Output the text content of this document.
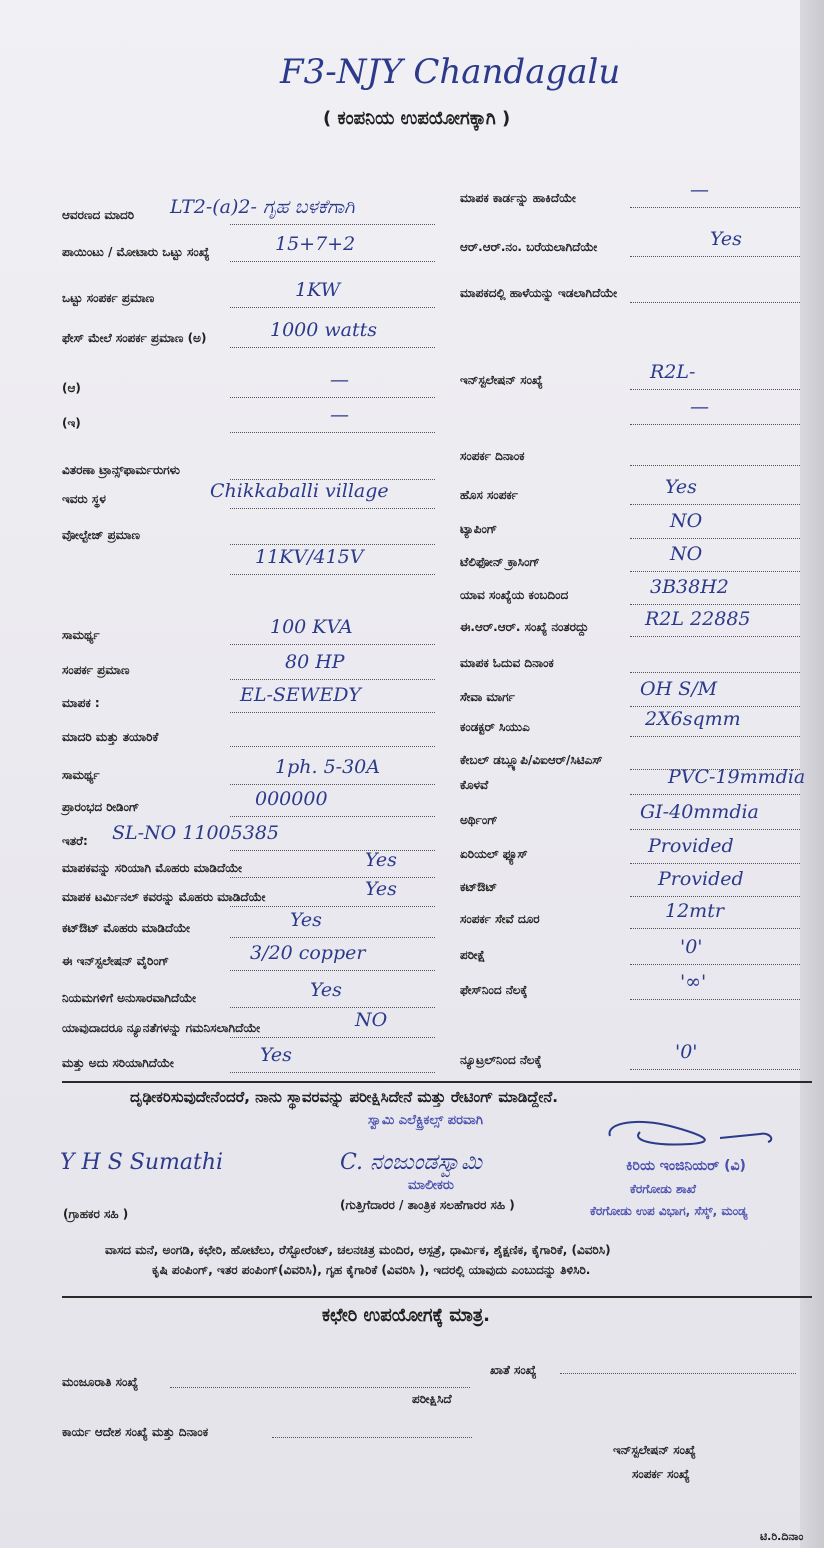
F3-NJY Chandagalu
( ಕಂಪನಿಯ ಉಪಯೋಗಕ್ಕಾಗಿ )
ಆವರಣದ ಮಾದರಿ LT2-(a)2- ಗೃಹ ಬಳಕೆಗಾಗಿ
ಪಾಯಿಂಟು / ಮೋಟಾರು ಒಟ್ಟು ಸಂಖ್ಯೆ	15+7+2
ಒಟ್ಟು ಸಂಪರ್ಕ ಪ್ರಮಾಣ	1KW
ಫೇಸ್ ಮೇಲೆ ಸಂಪರ್ಕ ಪ್ರಮಾಣ (ಅ)	1000 watts
(ಆ)	—
(ಇ)	—
ವಿತರಣಾ ಟ್ರಾನ್ಸ್‌ಫಾರ್ಮರುಗಳು
ಇವರು ಸ್ಥಳ	Chikkaballi village
ವೋಲ್ಟೇಜ್ ಪ್ರಮಾಣ
11KV/415V
ಸಾಮರ್ಥ್ಯ	100 KVA
ಸಂಪರ್ಕ ಪ್ರಮಾಣ	80 HP
ಮಾಪಕ :	EL-SEWEDY
ಮಾದರಿ ಮತ್ತು ತಯಾರಿಕೆ
ಸಾಮರ್ಥ್ಯ	1ph. 5-30A
ಪ್ರಾರಂಭದ ರೀಡಿಂಗ್	000000
ಇತರೆ: SL-NO 11005385
ಮಾಪಕವನ್ನು ಸರಿಯಾಗಿ ಮೊಹರು ಮಾಡಿದೆಯೇ	Yes
ಮಾಪಕ ಟರ್ಮಿನಲ್ ಕವರನ್ನು ಮೊಹರು ಮಾಡಿದೆಯೇ	Yes
ಕಟ್‌ಔಟ್ ಮೊಹರು ಮಾಡಿದೆಯೇ	Yes
ಈ ಇನ್‌ಸ್ಟಲೇಷನ್ ವೈರಿಂಗ್	3/20 copper
ನಿಯಮಗಳಿಗೆ ಅನುಸಾರವಾಗಿದೆಯೇ	Yes
ಯಾವುದಾದರೂ ನ್ಯೂನತೆಗಳನ್ನು ಗಮನಿಸಲಾಗಿದೆಯೇ	NO
ಮತ್ತು ಅದು ಸರಿಯಾಗಿದೆಯೇ	Yes
ಮಾಪಕ ಕಾರ್ಡನ್ನು ಹಾಕಿದೆಯೇ	—
ಆರ್.ಆರ್.ನಂ. ಬರೆಯಲಾಗಿದೆಯೇ	Yes
ಮಾಪಕದಲ್ಲಿ ಹಾಳೆಯನ್ನು ಇಡಲಾಗಿದೆಯೇ
ಇನ್‌ಸ್ಟಲೇಷನ್ ಸಂಖ್ಯೆ	R2L-
—
ಸಂಪರ್ಕ ದಿನಾಂಕ
ಹೊಸ ಸಂಪರ್ಕ	Yes
ಟ್ಯಾಪಿಂಗ್	NO
ಟೆಲಿಫೋನ್ ಕ್ರಾಸಿಂಗ್	NO
ಯಾವ ಸಂಖ್ಯೆಯ ಕಂಬದಿಂದ	3B38H2
ಈ.ಆರ್.ಆರ್. ಸಂಖ್ಯೆ ನಂತರದ್ದು	R2L 22885
ಮಾಪಕ ಓದುವ ದಿನಾಂಕ
ಸೇವಾ ಮಾರ್ಗ	OH S/M
ಕಂಡಕ್ಟರ್ ಸಿಯುಎ	2X6sqmm
ಕೇಬಲ್ ಡಬ್ಲ್ಯೂಪಿ/ವಿಐಆರ್/ಸಿಟಿಎಸ್
ಕೊಳವೆ	PVC-19mmdia
ಅರ್ಥಿಂಗ್	GI-40mmdia
ಏರಿಯಲ್ ಫ್ಯೂಸ್	Provided
ಕಟ್‌ಔಟ್	Provided
ಸಂಪರ್ಕ ಸೇವೆ ದೂರ	12mtr
ಪರೀಕ್ಷೆ	'0'
ಫೇಸ್‌ನಿಂದ ನೆಲಕ್ಕೆ	'∞'
ನ್ಯೂಟ್ರಲ್‌ನಿಂದ ನೆಲಕ್ಕೆ	'0'
ದೃಢೀಕರಿಸುವುದೇನೆಂದರೆ, ನಾನು ಸ್ಥಾವರವನ್ನು ಪರೀಕ್ಷಿಸಿದೇನೆ ಮತ್ತು ರೇಟಿಂಗ್ ಮಾಡಿದ್ದೇನೆ.
ಸ್ವಾಮಿ ಎಲೆಕ್ಟ್ರಿಕಲ್ಸ್ ಪರವಾಗಿ
Y H S Sumathi	C. ನಂಜುಂಡಸ್ವಾಮಿ	ಕಿರಿಯ ಇಂಜಿನಿಯರ್ (ವಿ)
ಮಾಲೀಕರು	ಕೆರಗೋಡು ಶಾಖೆ
(ಗ್ರಾಹಕರ ಸಹಿ )
(ಗುತ್ತಿಗೆದಾರರ / ತಾಂತ್ರಿಕ ಸಲಹೆಗಾರರ ಸಹಿ )	ಕೆರಗೋಡು ಉಪ ವಿಭಾಗ, ಸೆಸ್ಕ್, ಮಂಡ್ಯ
ವಾಸದ ಮನೆ, ಅಂಗಡಿ, ಕಛೇರಿ, ಹೋಟೆಲು, ರೆಸ್ಟೋರೆಂಟ್, ಚಲನಚಿತ್ರ ಮಂದಿರ, ಆಸ್ಪತ್ರೆ, ಧಾರ್ಮಿಕ, ಶೈಕ್ಷಣಿಕ, ಕೈಗಾರಿಕೆ, (ವಿವರಿಸಿ)
ಕೃಷಿ ಪಂಪಿಂಗ್, ಇತರ ಪಂಪಿಂಗ್(ವಿವರಿಸಿ), ಗೃಹ ಕೈಗಾರಿಕೆ (ವಿವರಿಸಿ ), ಇದರಲ್ಲಿ ಯಾವುದು ಎಂಬುದನ್ನು ತಿಳಿಸಿರಿ.
ಕಛೇರಿ ಉಪಯೋಗಕ್ಕೆ ಮಾತ್ರ.
ಮಂಜೂರಾತಿ ಸಂಖ್ಯೆ
ಖಾತೆ ಸಂಖ್ಯೆ
ಪರೀಕ್ಷಿಸಿದೆ
ಕಾರ್ಯ ಆದೇಶ ಸಂಖ್ಯೆ ಮತ್ತು ದಿನಾಂಕ
ಇನ್‌ಸ್ಟಲೇಷನ್ ಸಂಖ್ಯೆ
ಸಂಪರ್ಕ ಸಂಖ್ಯೆ
ಟಿ.ರಿ.ದಿನಾಂ
